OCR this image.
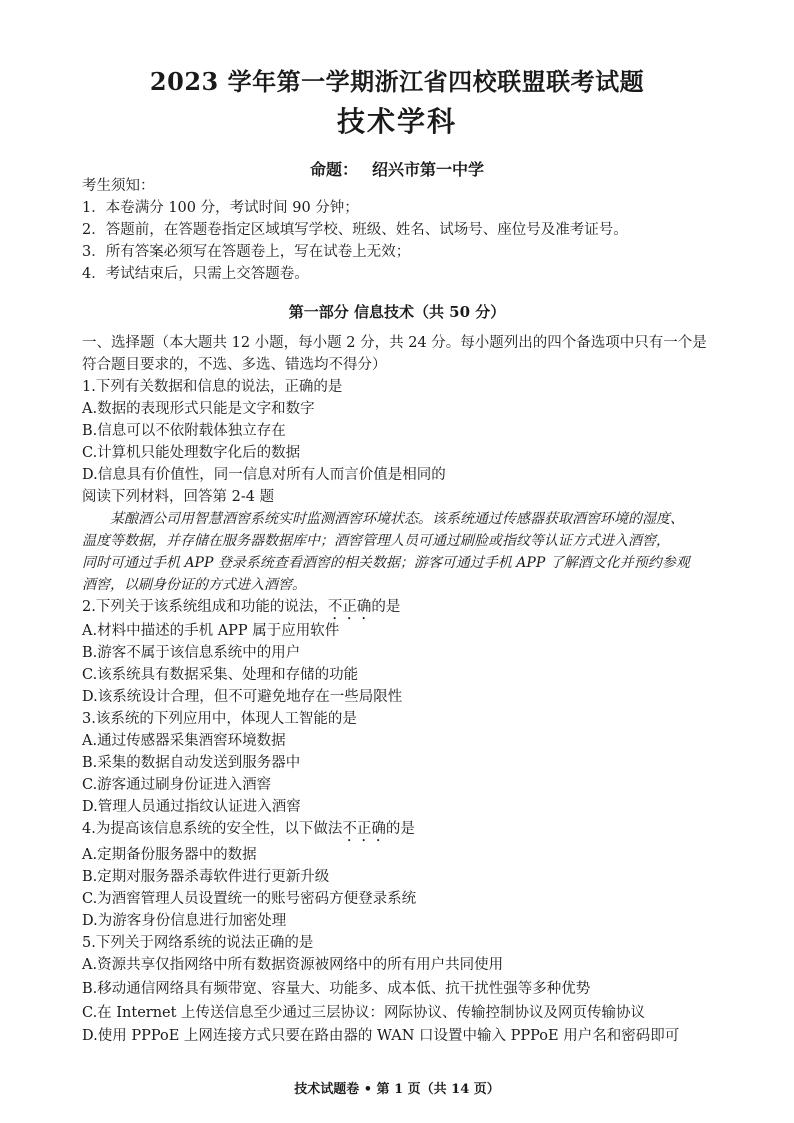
2023 学年第一学期浙江省四校联盟联考试题
技术学科
命题： 绍兴市第一中学
考生须知：
1．本卷满分 100 分，考试时间 90 分钟；
2．答题前，在答题卷指定区域填写学校、班级、姓名、试场号、座位号及准考证号。
3．所有答案必须写在答题卷上，写在试卷上无效；
4．考试结束后，只需上交答题卷。
第一部分 信息技术（共 50 分）
一、选择题（本大题共 12 小题，每小题 2 分，共 24 分。每小题列出的四个备选项中只有一个是
符合题目要求的，不选、多选、错选均不得分）
1.下列有关数据和信息的说法，正确的是
A.数据的表现形式只能是文字和数字
B.信息可以不依附载体独立存在
C.计算机只能处理数字化后的数据
D.信息具有价值性，同一信息对所有人而言价值是相同的
阅读下列材料，回答第 2-4 题
某酿酒公司用智慧酒窖系统实时监测酒窖环境状态。该系统通过传感器获取酒窖环境的湿度、
温度等数据，并存储在服务器数据库中；酒窖管理人员可通过刷脸或指纹等认证方式进入酒窖，
同时可通过手机 APP 登录系统查看酒窖的相关数据；游客可通过手机 APP 了解酒文化并预约参观
酒窖，以刷身份证的方式进入酒窖。
2.下列关于该系统组成和功能的说法，不正确的是
A.材料中描述的手机 APP 属于应用软件
B.游客不属于该信息系统中的用户
C.该系统具有数据采集、处理和存储的功能
D.该系统设计合理，但不可避免地存在一些局限性
3.该系统的下列应用中，体现人工智能的是
A.通过传感器采集酒窖环境数据
B.采集的数据自动发送到服务器中
C.游客通过刷身份证进入酒窖
D.管理人员通过指纹认证进入酒窖
4.为提高该信息系统的安全性，以下做法不正确的是
A.定期备份服务器中的数据
B.定期对服务器杀毒软件进行更新升级
C.为酒窖管理人员设置统一的账号密码方便登录系统
D.为游客身份信息进行加密处理
5.下列关于网络系统的说法正确的是
A.资源共享仅指网络中所有数据资源被网络中的所有用户共同使用
B.移动通信网络具有频带宽、容量大、功能多、成本低、抗干扰性强等多种优势
C.在 Internet 上传送信息至少通过三层协议：网际协议、传输控制协议及网页传输协议
D.使用 PPPoE 上网连接方式只要在路由器的 WAN 口设置中输入 PPPoE 用户名和密码即可
技术试题卷 • 第 1 页（共 14 页）
